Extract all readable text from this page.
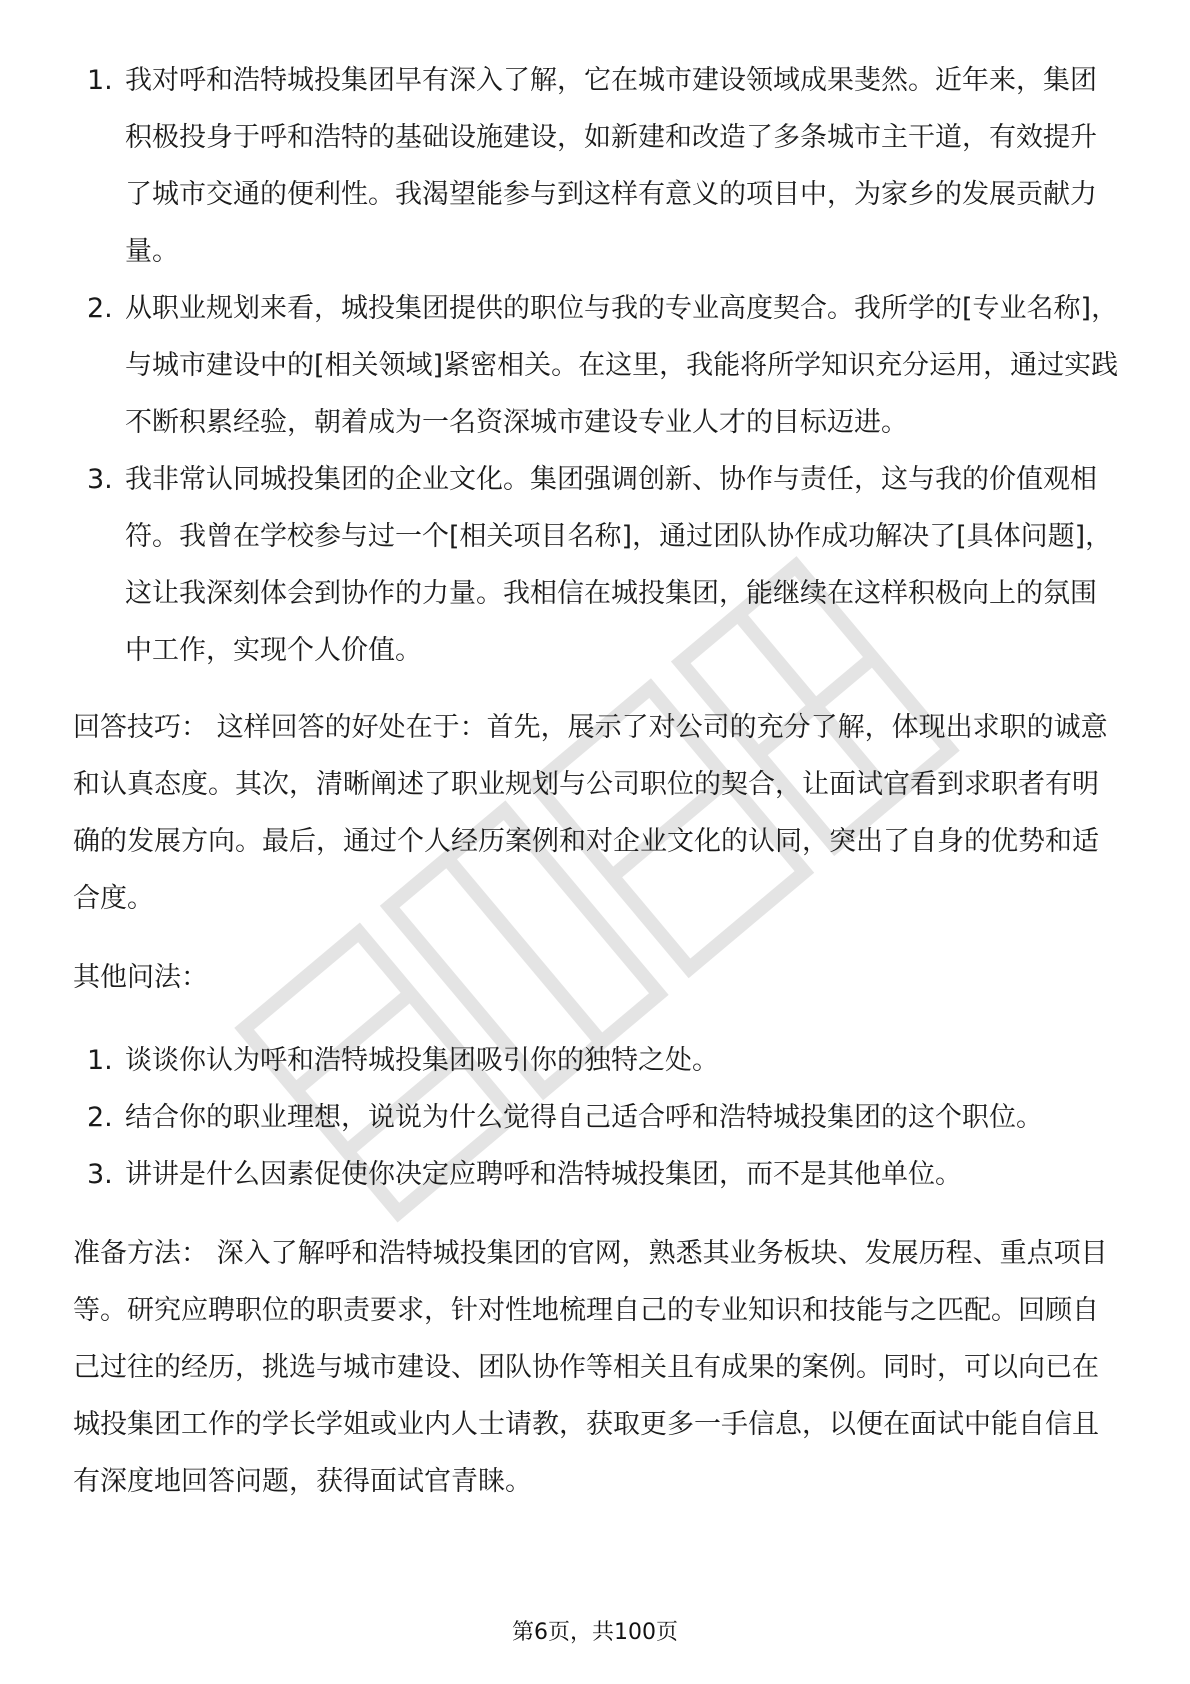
1. 我对呼和浩特城投集团早有深入了解，它在城市建设领域成果斐然。近年来，集团积极投身于呼和浩特的基础设施建设，如新建和改造了多条城市主干道，有效提升了城市交通的便利性。我渴望能参与到这样有意义的项目中，为家乡的发展贡献力量。
2. 从职业规划来看，城投集团提供的职位与我的专业高度契合。我所学的[专业名称]，与城市建设中的[相关领域]紧密相关。在这里，我能将所学知识充分运用，通过实践不断积累经验，朝着成为一名资深城市建设专业人才的目标迈进。
3. 我非常认同城投集团的企业文化。集团强调创新、协作与责任，这与我的价值观相符。我曾在学校参与过一个[相关项目名称]，通过团队协作成功解决了[具体问题]，这让我深刻体会到协作的力量。我相信在城投集团，能继续在这样积极向上的氛围中工作，实现个人价值。

回答技巧： 这样回答的好处在于：首先，展示了对公司的充分了解，体现出求职的诚意和认真态度。其次，清晰阐述了职业规划与公司职位的契合，让面试官看到求职者有明确的发展方向。最后，通过个人经历案例和对企业文化的认同，突出了自身的优势和适合度。

其他问法：

1. 谈谈你认为呼和浩特城投集团吸引你的独特之处。
2. 结合你的职业理想，说说为什么觉得自己适合呼和浩特城投集团的这个职位。
3. 讲讲是什么因素促使你决定应聘呼和浩特城投集团，而不是其他单位。

准备方法： 深入了解呼和浩特城投集团的官网，熟悉其业务板块、发展历程、重点项目等。研究应聘职位的职责要求，针对性地梳理自己的专业知识和技能与之匹配。回顾自己过往的经历，挑选与城市建设、团队协作等相关且有成果的案例。同时，可以向已在城投集团工作的学长学姐或业内人士请教，获取更多一手信息，以便在面试中能自信且有深度地回答问题，获得面试官青睐。

第6页，共100页
